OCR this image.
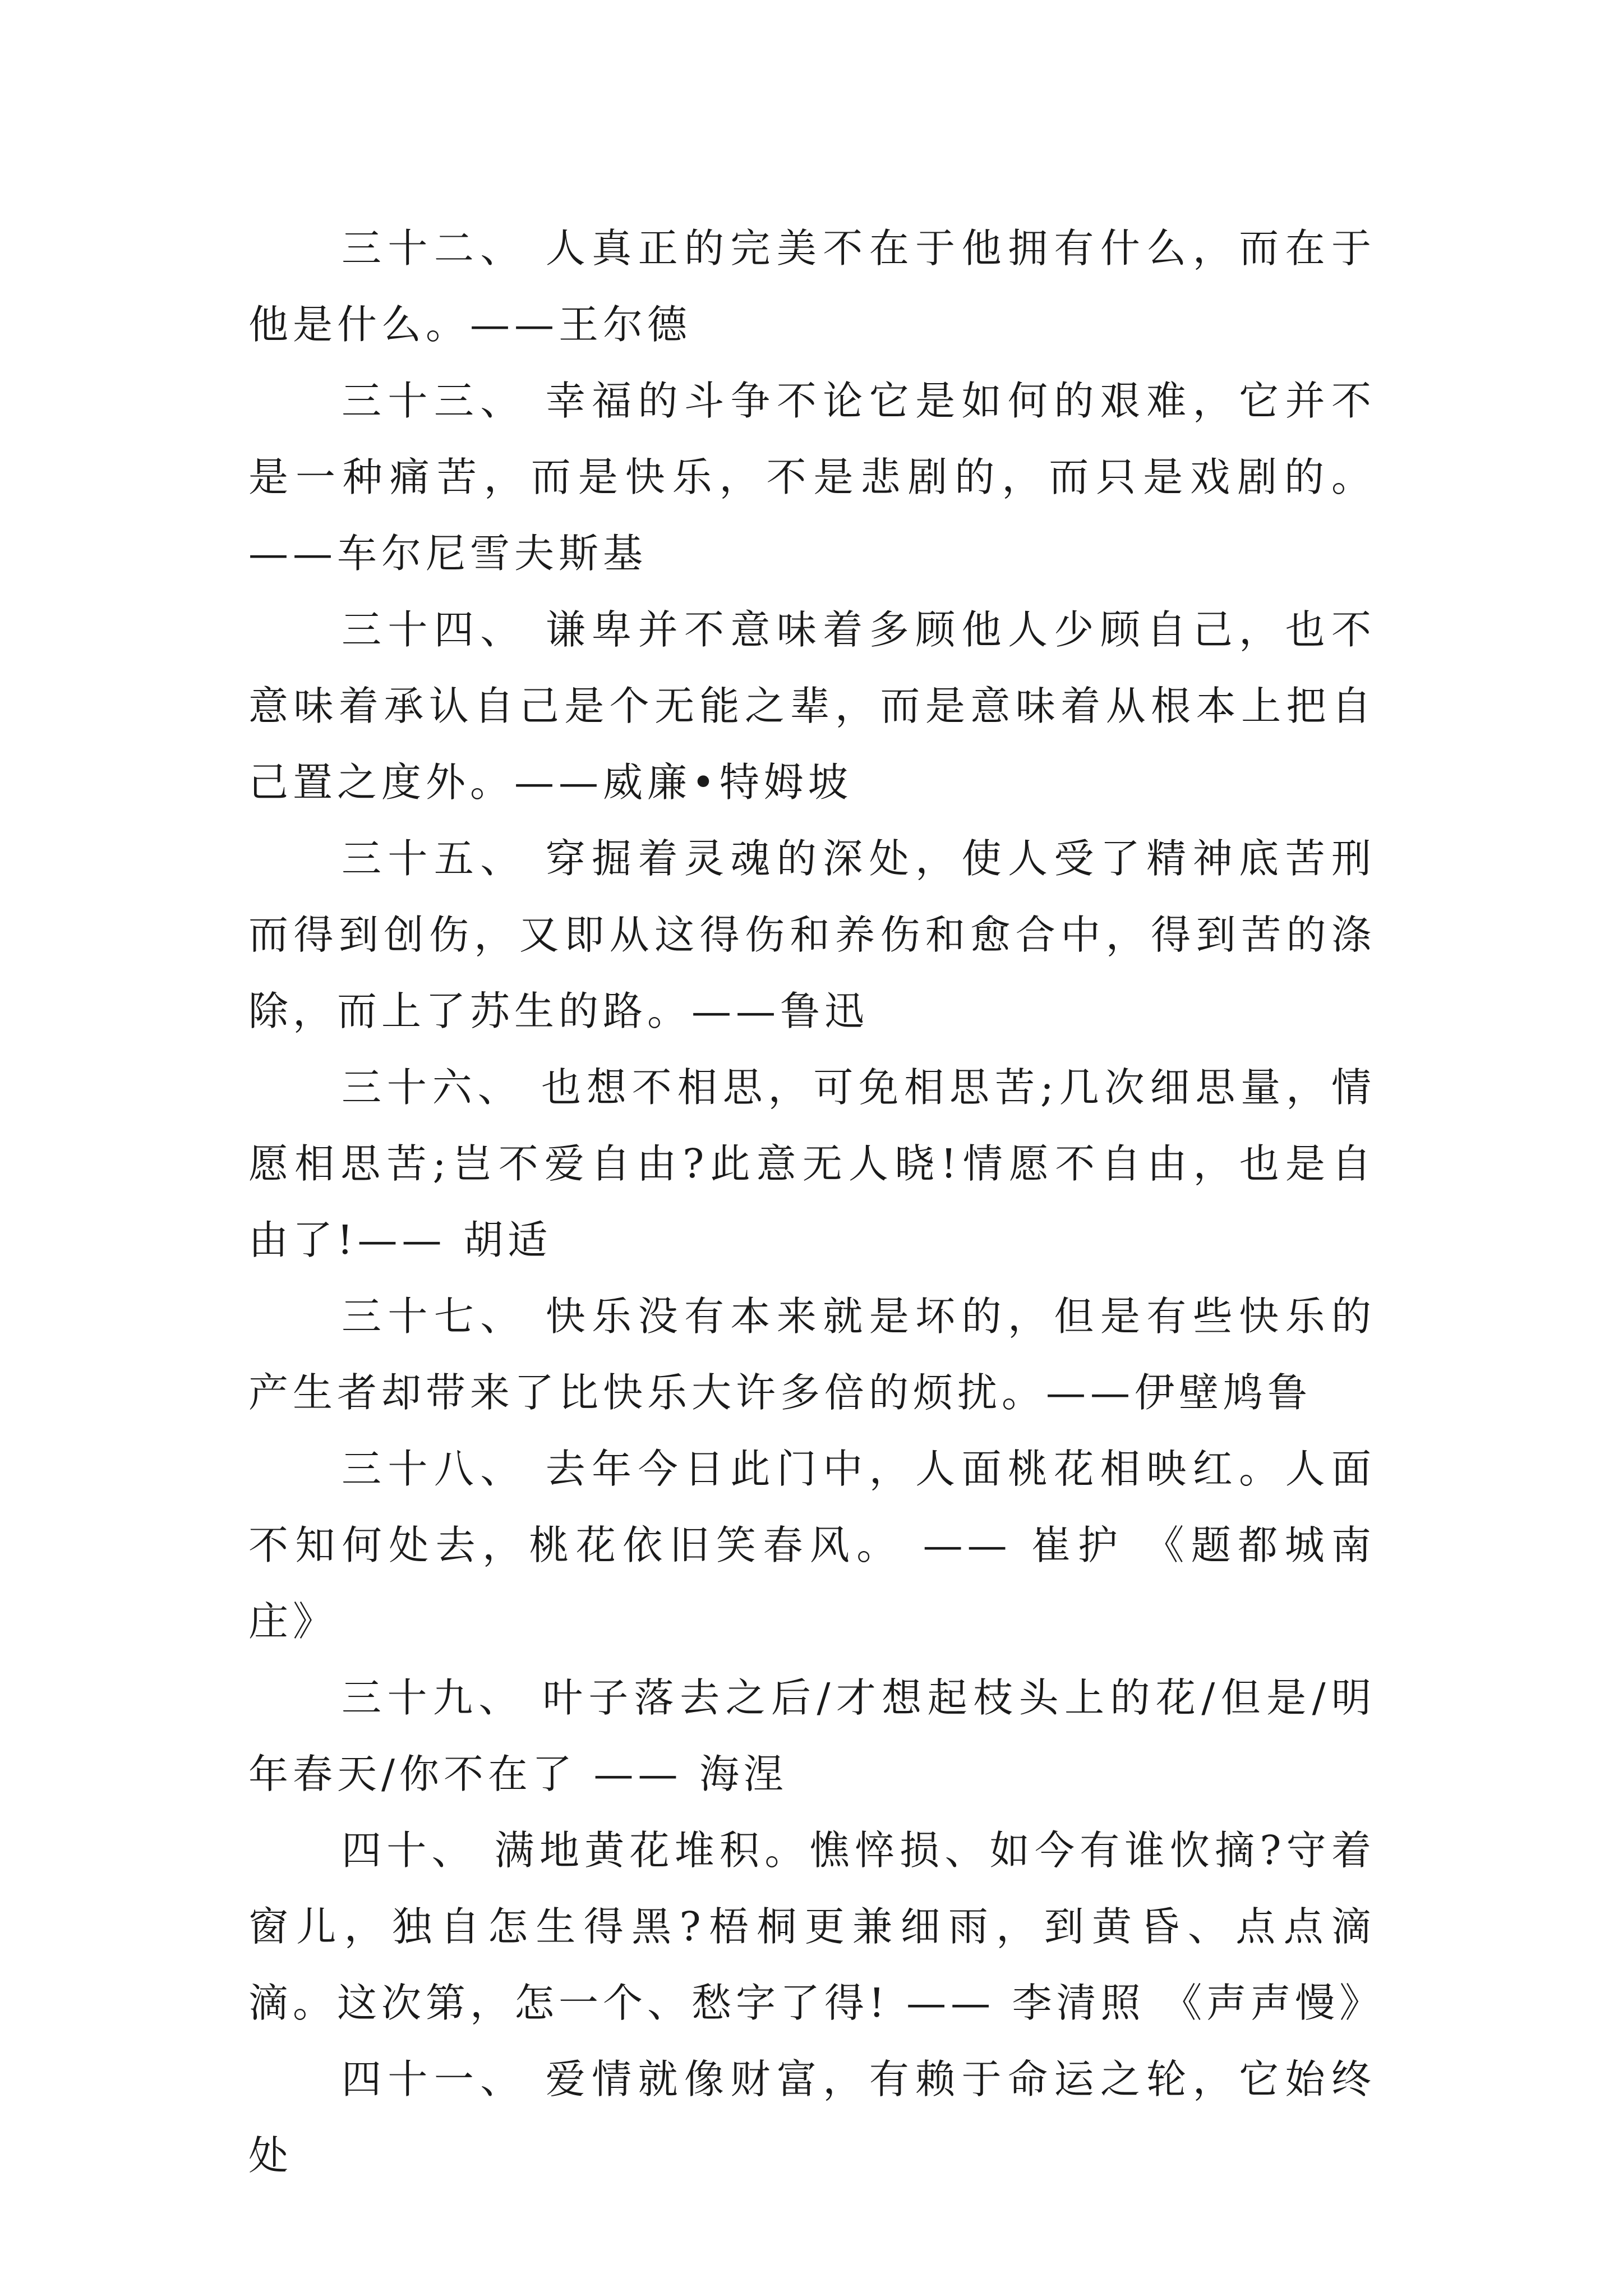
三十二、 人真正的完美不在于他拥有什么，而在于他是什么。——王尔德

三十三、 幸福的斗争不论它是如何的艰难，它并不是一种痛苦，而是快乐，不是悲剧的，而只是戏剧的。——车尔尼雪夫斯基

三十四、 谦卑并不意味着多顾他人少顾自己，也不意味着承认自己是个无能之辈，而是意味着从根本上把自己置之度外。——威廉•特姆坡

三十五、 穿掘着灵魂的深处，使人受了精神底苦刑而得到创伤，又即从这得伤和养伤和愈合中，得到苦的涤除，而上了苏生的路。——鲁迅

三十六、 也想不相思，可免相思苦;几次细思量，情愿相思苦;岂不爱自由?此意无人晓!情愿不自由，也是自由了!—— 胡适

三十七、 快乐没有本来就是坏的，但是有些快乐的产生者却带来了比快乐大许多倍的烦扰。——伊壁鸠鲁

三十八、 去年今日此门中，人面桃花相映红。人面不知何处去，桃花依旧笑春风。 —— 崔护 《题都城南庄》

三十九、 叶子落去之后/才想起枝头上的花/但是/明年春天/你不在了 —— 海涅

四十、 满地黄花堆积。憔悴损、如今有谁忺摘?守着窗儿，独自怎生得黑?梧桐更兼细雨，到黄昏、点点滴滴。这次第，怎一个、愁字了得! —— 李清照 《声声慢》

四十一、 爱情就像财富，有赖于命运之轮，它始终处
